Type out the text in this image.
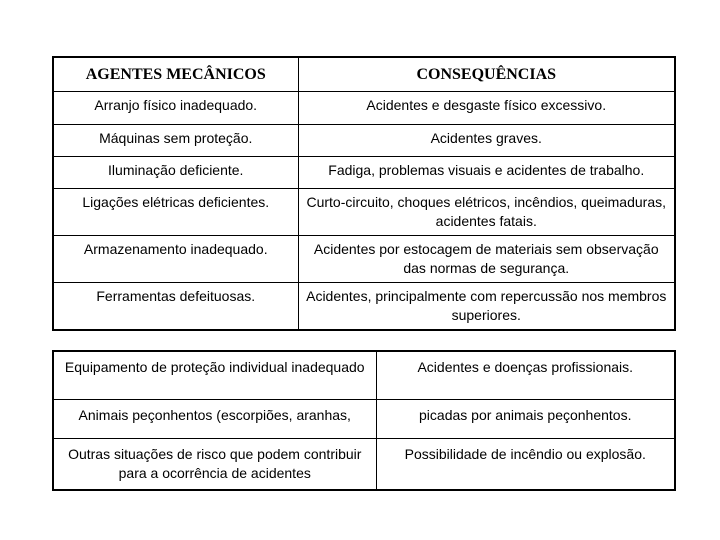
AGENTES MECÂNICOS	CONSEQUÊNCIAS
Arranjo físico inadequado.	Acidentes e desgaste físico excessivo.
Máquinas sem proteção.	Acidentes graves.
Iluminação deficiente.	Fadiga, problemas visuais e acidentes de trabalho.
Ligações elétricas deficientes.	Curto-circuito, choques elétricos, incêndios, queimaduras, acidentes fatais.
Armazenamento inadequado.	Acidentes por estocagem de materiais sem observação das normas de segurança.
Ferramentas defeituosas.	Acidentes, principalmente com repercussão nos membros superiores.
Equipamento de proteção individual inadequado	Acidentes e doenças profissionais.
Animais peçonhentos (escorpiões, aranhas,	picadas por animais peçonhentos.
Outras situações de risco que podem contribuir para a ocorrência de acidentes	Possibilidade de incêndio ou explosão.
